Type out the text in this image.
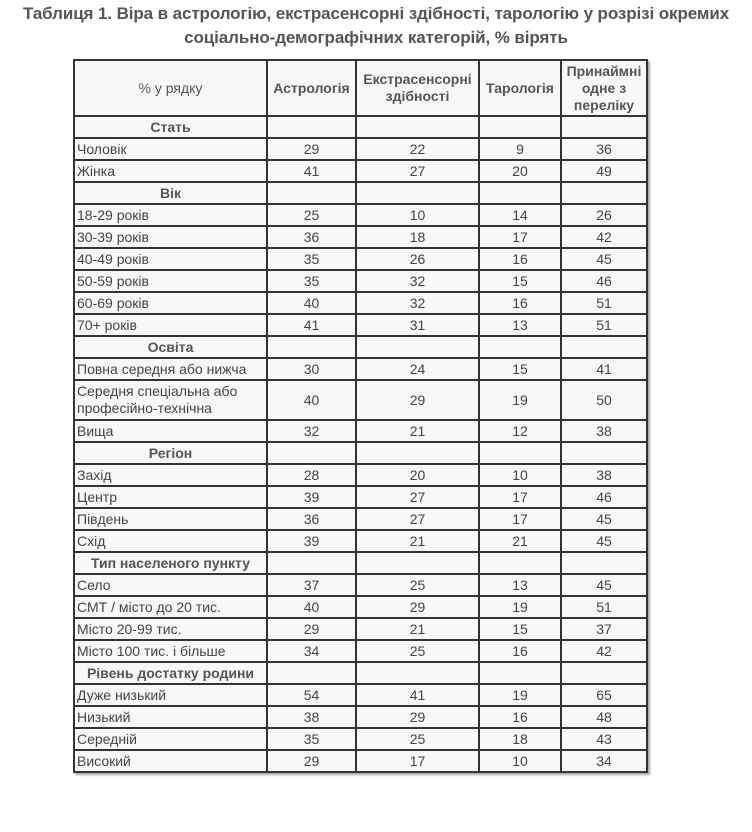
Таблиця 1. Віра в астрологію, екстрасенсорні здібності, тарологію у розрізі окремих соціально-демографічних категорій, % вірять
% у рядку	Астрологія	Екстрасенсорні здібності	Тарологія	Принаймні одне з переліку
Стать				
Чоловік	29	22	9	36
Жінка	41	27	20	49
Вік				
18-29 років	25	10	14	26
30-39 років	36	18	17	42
40-49 років	35	26	16	45
50-59 років	35	32	15	46
60-69 років	40	32	16	51
70+ років	41	31	13	51
Освіта				
Повна середня або нижча	30	24	15	41
Середня спеціальна або професійно-технічна	40	29	19	50
Вища	32	21	12	38
Регіон				
Захід	28	20	10	38
Центр	39	27	17	46
Південь	36	27	17	45
Схід	39	21	21	45
Тип населеного пункту				
Село	37	25	13	45
СМТ / місто до 20 тис.	40	29	19	51
Місто 20-99 тис.	29	21	15	37
Місто 100 тис. і більше	34	25	16	42
Рівень достатку родини				
Дуже низький	54	41	19	65
Низький	38	29	16	48
Середній	35	25	18	43
Високий	29	17	10	34
